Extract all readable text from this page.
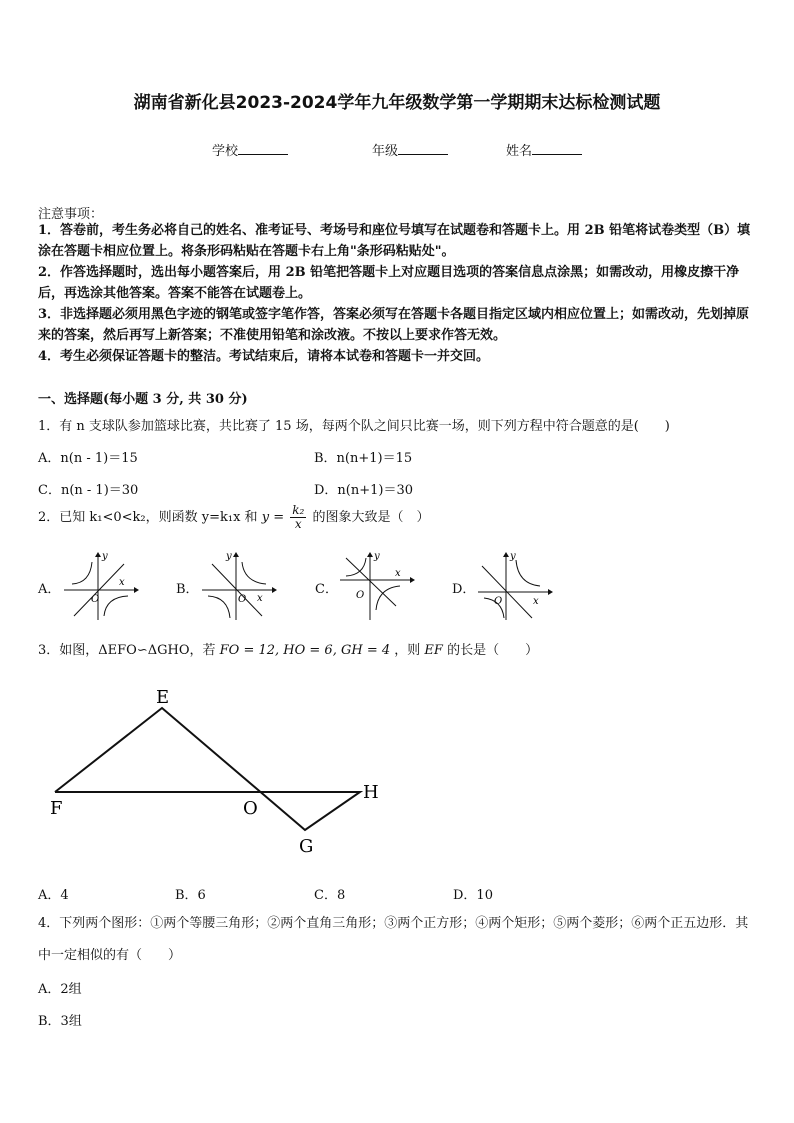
湖南省新化县2023-2024学年九年级数学第一学期期末达标检测试题
学校	年级	姓名
注意事项：
1．答卷前，考生务必将自己的姓名、准考证号、考场号和座位号填写在试题卷和答题卡上。用 2B 铅笔将试卷类型（B）填涂在答题卡相应位置上。将条形码粘贴在答题卡右上角"条形码粘贴处"。
2．作答选择题时，选出每小题答案后，用 2B 铅笔把答题卡上对应题目选项的答案信息点涂黑；如需改动，用橡皮擦干净后，再选涂其他答案。答案不能答在试题卷上。
3．非选择题必须用黑色字迹的钢笔或签字笔作答，答案必须写在答题卡各题目指定区域内相应位置上；如需改动，先划掉原来的答案，然后再写上新答案；不准使用铅笔和涂改液。不按以上要求作答无效。
4．考生必须保证答题卡的整洁。考试结束后，请将本试卷和答题卡一并交回。
一、选择题(每小题 3 分, 共 30 分)
1．有 n 支球队参加篮球比赛，共比赛了 15 场，每两个队之间只比赛一场，则下列方程中符合题意的是(　　)
A．n(n - 1)＝15	B．n(n+1)＝15
C．n(n - 1)＝30	D．n(n+1)＝30
2．已知 k₁<0<k₂，则函数 y=k₁x 和 $y = \frac{\text{k₂}}{x}$ 的图象大致是（　）
A．	x
y
O
B．
x
y
O
C．
x
y
O	D．
x
y
O
3．如图，ΔEFO∽ΔGHO，若 FO = 12, HO = 6, GH = 4 ，则 EF 的长是（　　）
E
F	O
H
G
A．4	B．6	C．8	D．10
4．下列两个图形：①两个等腰三角形；②两个直角三角形；③两个正方形；④两个矩形；⑤两个菱形；⑥两个正五边形．其中一定相似的有（　　）
A．2组
B．3组
